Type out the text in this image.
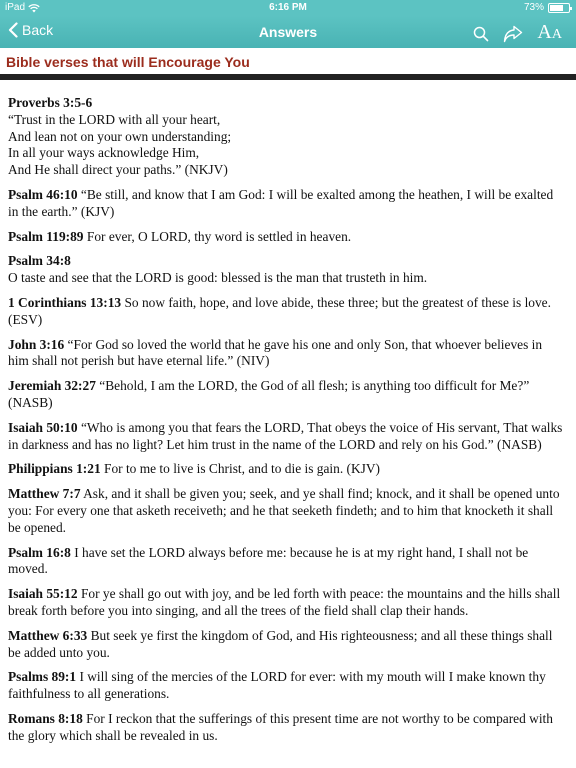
iPad	6:16 PM	73%
Back	Answers	AA
Bible verses that will Encourage You
Proverbs 3:5-6
“Trust in the LORD with all your heart,
And lean not on your own understanding;
In all your ways acknowledge Him,
And He shall direct your paths.” (NKJV)
Psalm 46:10 “Be still, and know that I am God: I will be exalted among the heathen, I will be exalted in the earth.” (KJV)
Psalm 119:89 For ever, O LORD, thy word is settled in heaven.
Psalm 34:8
O taste and see that the LORD is good: blessed is the man that trusteth in him.
1 Corinthians 13:13 So now faith, hope, and love abide, these three; but the greatest of these is love. (ESV)
John 3:16 “For God so loved the world that he gave his one and only Son, that whoever believes in him shall not perish but have eternal life.” (NIV)
Jeremiah 32:27 “Behold, I am the LORD, the God of all flesh; is anything too difficult for Me?” (NASB)
Isaiah 50:10 “Who is among you that fears the LORD, That obeys the voice of His servant, That walks in darkness and has no light? Let him trust in the name of the LORD and rely on his God.” (NASB)
Philippians 1:21 For to me to live is Christ, and to die is gain. (KJV)
Matthew 7:7 Ask, and it shall be given you; seek, and ye shall find; knock, and it shall be opened unto you: For every one that asketh receiveth; and he that seeketh findeth; and to him that knocketh it shall be opened.
Psalm 16:8 I have set the LORD always before me: because he is at my right hand, I shall not be moved.
Isaiah 55:12 For ye shall go out with joy, and be led forth with peace: the mountains and the hills shall break forth before you into singing, and all the trees of the field shall clap their hands.
Matthew 6:33 But seek ye first the kingdom of God, and His righteousness; and all these things shall be added unto you.
Psalms 89:1 I will sing of the mercies of the LORD for ever: with my mouth will I make known thy faithfulness to all generations.
Romans 8:18 For I reckon that the sufferings of this present time are not worthy to be compared with the glory which shall be revealed in us.
